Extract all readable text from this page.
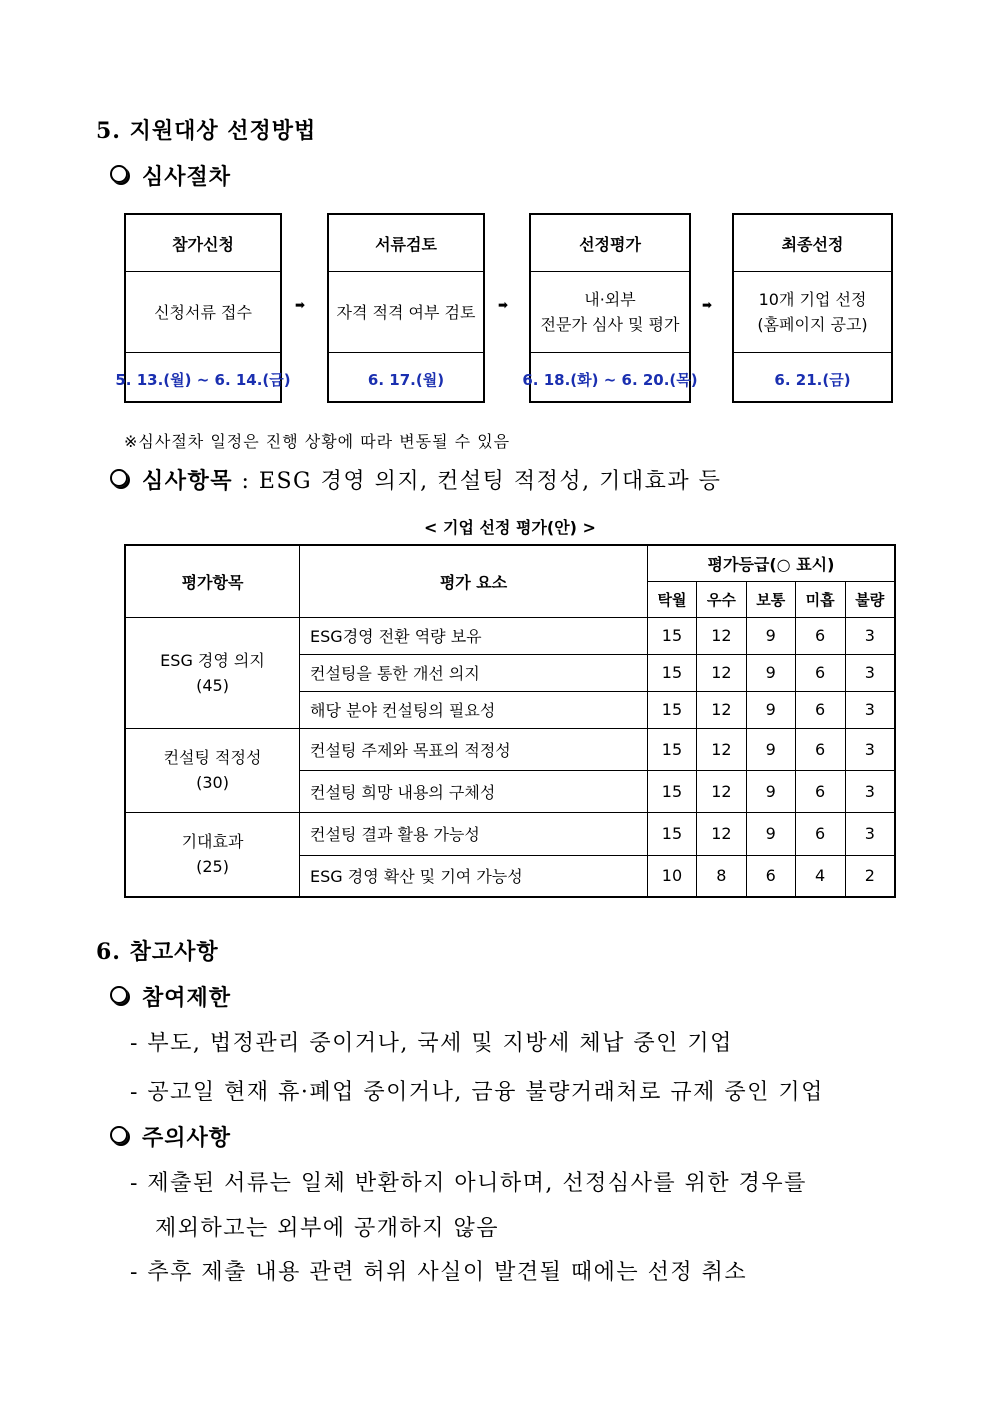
5. 지원대상 선정방법
심사절차
참가신청
신청서류 접수
5. 13.(월) ~ 6. 14.(금)
➡
서류검토
자격 적격 여부 검토
6. 17.(월)
➡
선정평가
내·외부
전문가 심사 및 평가
6. 18.(화) ~ 6. 20.(목)
➡
최종선정
10개 기업 선정
(홈페이지 공고)
6. 21.(금)
※심사절차 일정은 진행 상황에 따라 변동될 수 있음
심사항목 : ESG 경영 의지, 컨설팅 적정성, 기대효과 등
< 기업 선정 평가(안) >
평가항목	평가 요소	평가등급(○ 표시)				
		탁월	우수	보통	미흡	불량
ESG 경영 의지
(45)	ESG경영 전환 역량 보유	15	12	9	6	3
	컨설팅을 통한 개선 의지	15	12	9	6	3
	해당 분야 컨설팅의 필요성	15	12	9	6	3
컨설팅 적정성
(30)	컨설팅 주제와 목표의 적정성	15	12	9	6	3
	컨설팅 희망 내용의 구체성	15	12	9	6	3
기대효과
(25)	컨설팅 결과 활용 가능성	15	12	9	6	3
	ESG 경영 확산 및 기여 가능성	10	8	6	4	2
6. 참고사항
참여제한
- 부도, 법정관리 중이거나, 국세 및 지방세 체납 중인 기업
- 공고일 현재 휴·폐업 중이거나, 금융 불량거래처로 규제 중인 기업
주의사항
- 제출된 서류는 일체 반환하지 아니하며, 선정심사를 위한 경우를
제외하고는 외부에 공개하지 않음
- 추후 제출 내용 관련 허위 사실이 발견될 때에는 선정 취소
